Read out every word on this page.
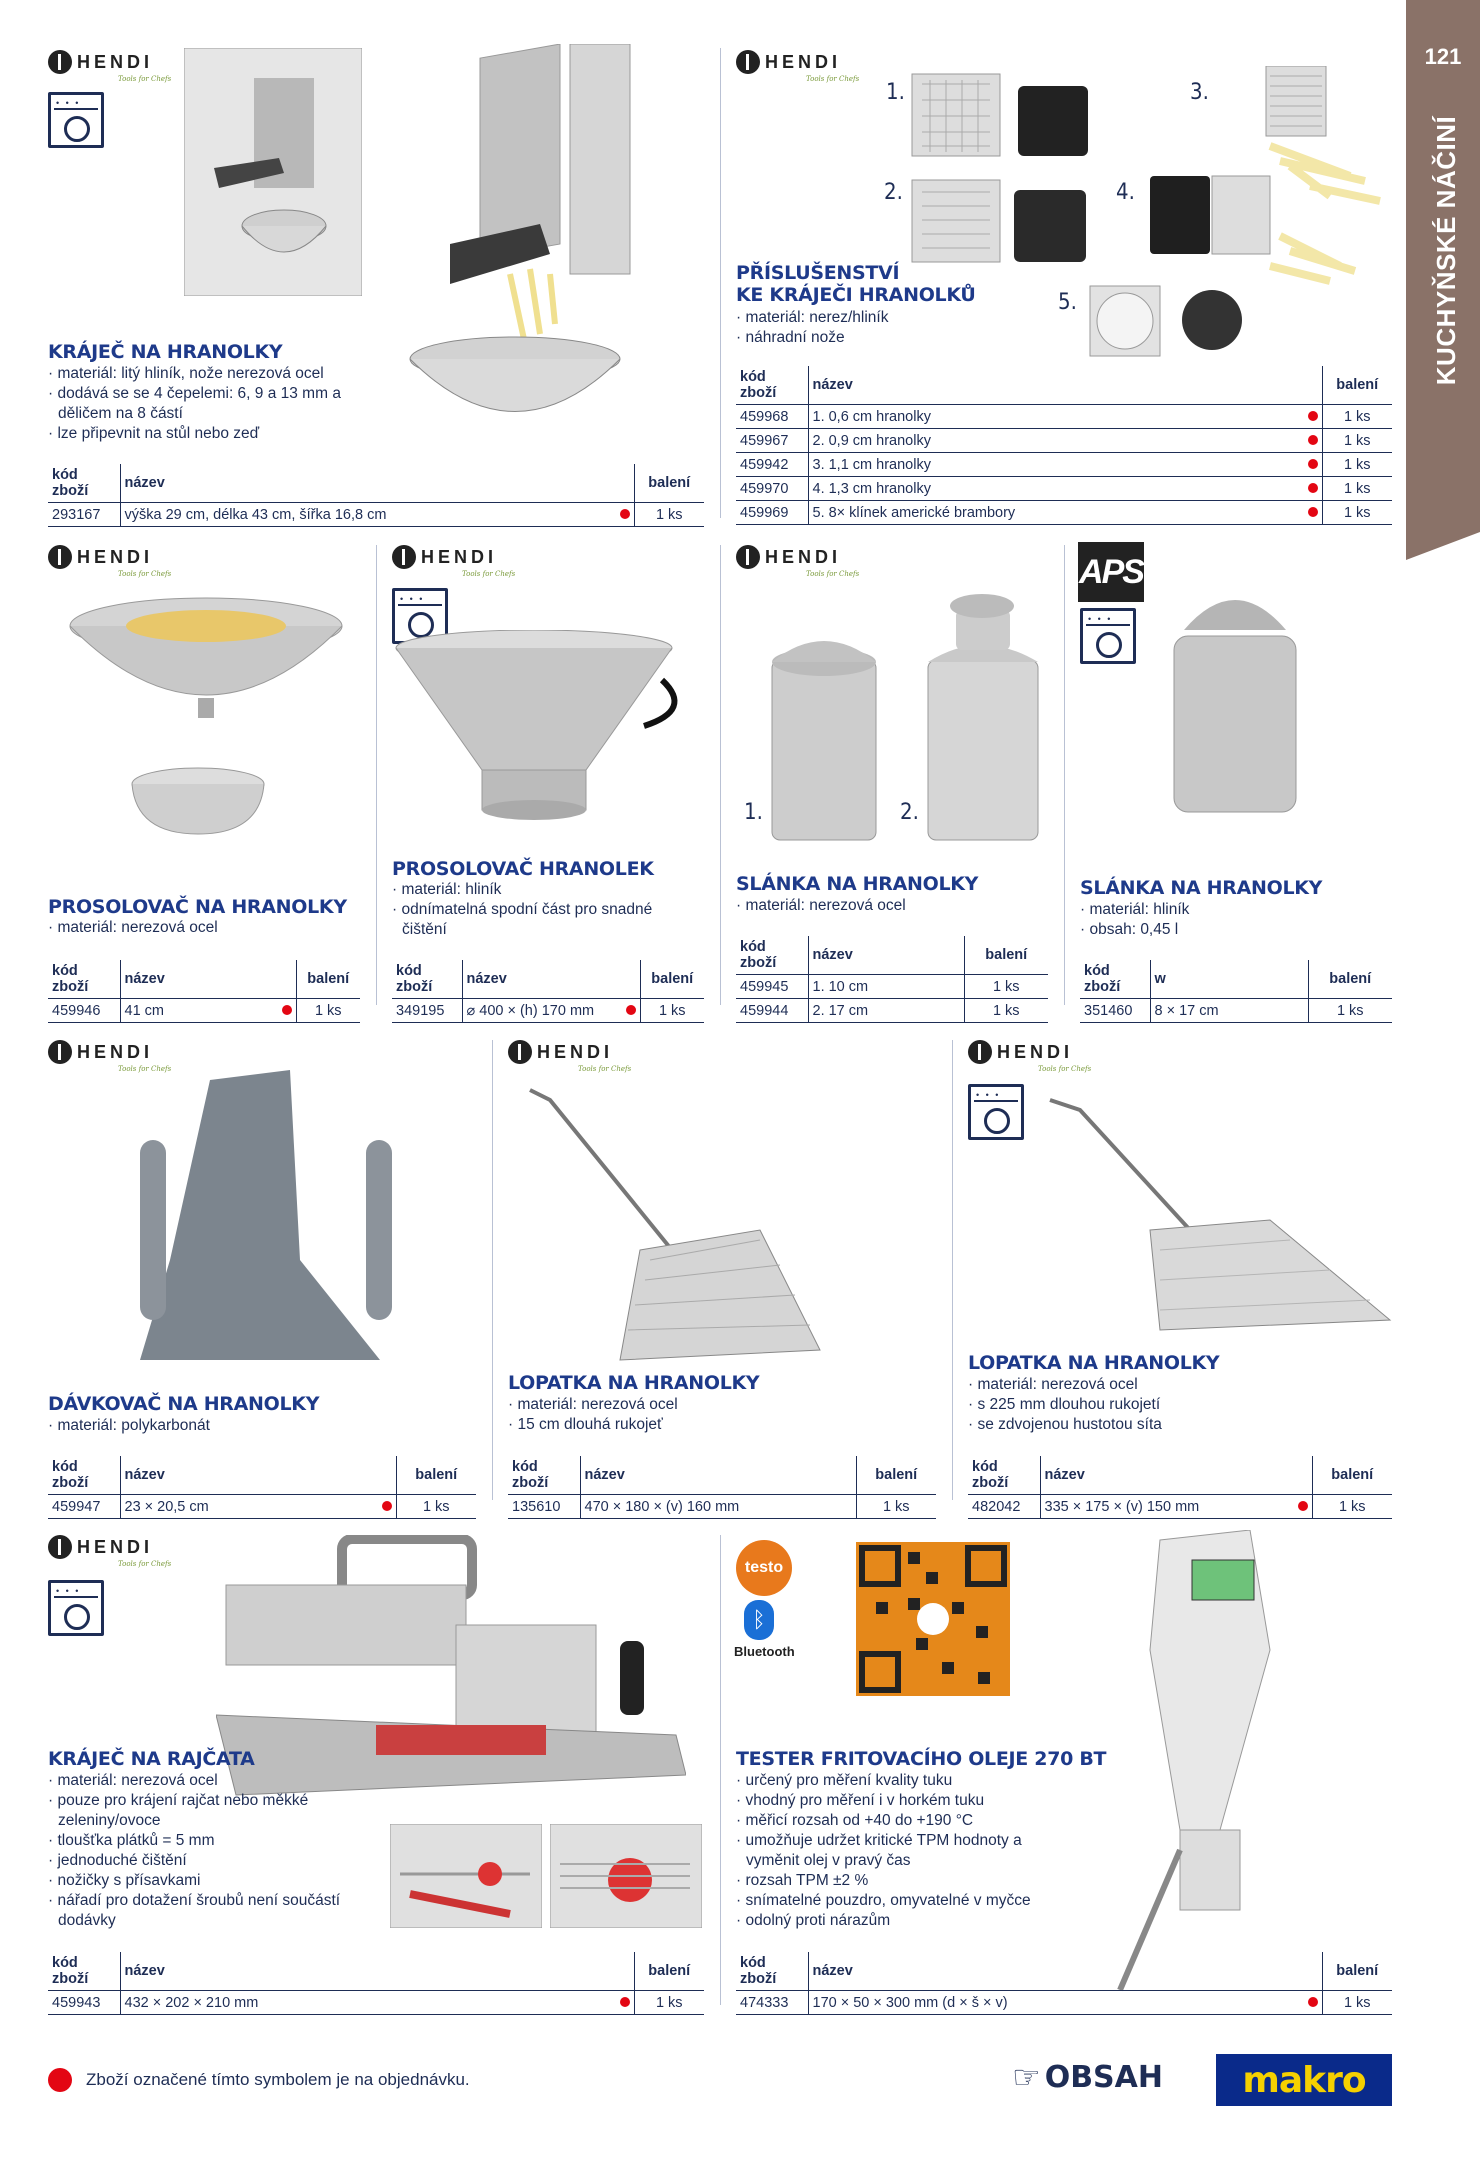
121
KUCHYŇSKÉ NÁČINÍ
HENDI
Tools for Chefs
• • •
KRÁJEČ NA HRANOLKY
· materiál: litý hliník, nože nerezová ocel
· dodává se se 4 čepelemi: 6, 9 a 13 mm a děličem na 8 částí
· lze připevnit na stůl nebo zeď
kód zboží	název		balení
293167	výška 29 cm, délka 43 cm, šířka 16,8 cm		1 ks
HENDI
Tools for Chefs
1.
2.
3.
4.
5.
PŘÍSLUŠENSTVÍ
KE KRÁJEČI HRANOLKŮ
· materiál: nerez/hliník
· náhradní nože
kód zboží	název		balení
459968	1. 0,6 cm hranolky		1 ks
459967	2. 0,9 cm hranolky		1 ks
459942	3. 1,1 cm hranolky		1 ks
459970	4. 1,3 cm hranolky		1 ks
459969	5. 8× klínek americké brambory		1 ks
HENDI
Tools for Chefs
PROSOLOVAČ NA HRANOLKY
· materiál: nerezová ocel
kód zboží	název		balení
459946	41 cm		1 ks
HENDI
Tools for Chefs
• • •
PROSOLOVAČ HRANOLEK
· materiál: hliník
· odnímatelná spodní část pro snadné čištění
kód zboží	název		balení
349195	⌀ 400 × (h) 170 mm		1 ks
HENDI
Tools for Chefs
1.	2.
SLÁNKA NA HRANOLKY
· materiál: nerezová ocel
kód zboží	název	balení
459945	1. 10 cm	1 ks
459944	2. 17 cm	1 ks
APS
• • •
SLÁNKA NA HRANOLKY
· materiál: hliník
· obsah: 0,45 l
kód zboží	w	balení
351460	8 × 17 cm	1 ks
HENDI
Tools for Chefs
DÁVKOVAČ NA HRANOLKY
· materiál: polykarbonát
kód zboží	název		balení
459947	23 × 20,5 cm		1 ks
HENDI
Tools for Chefs
LOPATKA NA HRANOLKY
· materiál: nerezová ocel
· 15 cm dlouhá rukojeť
kód zboží	název	balení
135610	470 × 180 × (v) 160 mm	1 ks
HENDI
Tools for Chefs
• • •
LOPATKA NA HRANOLKY
· materiál: nerezová ocel
· s 225 mm dlouhou rukojetí
· se zdvojenou hustotou síta
kód zboží	název		balení
482042	335 × 175 × (v) 150 mm		1 ks
HENDI
Tools for Chefs
• • •
KRÁJEČ NA RAJČATA
· materiál: nerezová ocel
· pouze pro krájení rajčat nebo měkké zeleniny/ovoce
· tloušťka plátků = 5 mm
· jednoduché čištění
· nožičky s přísavkami
· nářadí pro dotažení šroubů není součástí dodávky
kód zboží	název		balení
459943	432 × 202 × 210 mm		1 ks
testo
ᛒ
Bluetooth
TESTER FRITOVACÍHO OLEJE 270 BT
· určený pro měření kvality tuku
· vhodný pro měření i v horkém tuku
· měřicí rozsah od +40 do +190 °C
· umožňuje udržet kritické TPM hodnoty a vyměnit olej v pravý čas
· rozsah TPM ±2 %
· snímatelné pouzdro, omyvatelné v myčce
· odolný proti nárazům
kód zboží	název		balení
474333	170 × 50 × 300 mm (d × š × v)		1 ks
Zboží označené tímto symbolem je na objednávku.	☞ OBSAH makro
